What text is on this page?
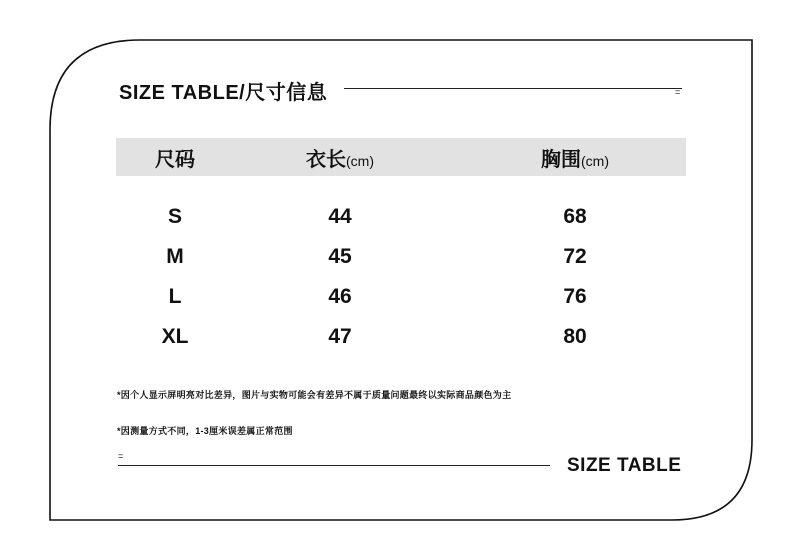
SIZE TABLE/尺寸信息	=
尺码	衣长(cm)	胸围(cm)
S	44	68
M	45	72
L	46	76
XL	47	80
*因个人显示屏明亮对比差异，图片与实物可能会有差异不属于质量问题最终以实际商品颜色为主
*因测量方式不同，1-3厘米误差属正常范围
=	SIZE TABLE
